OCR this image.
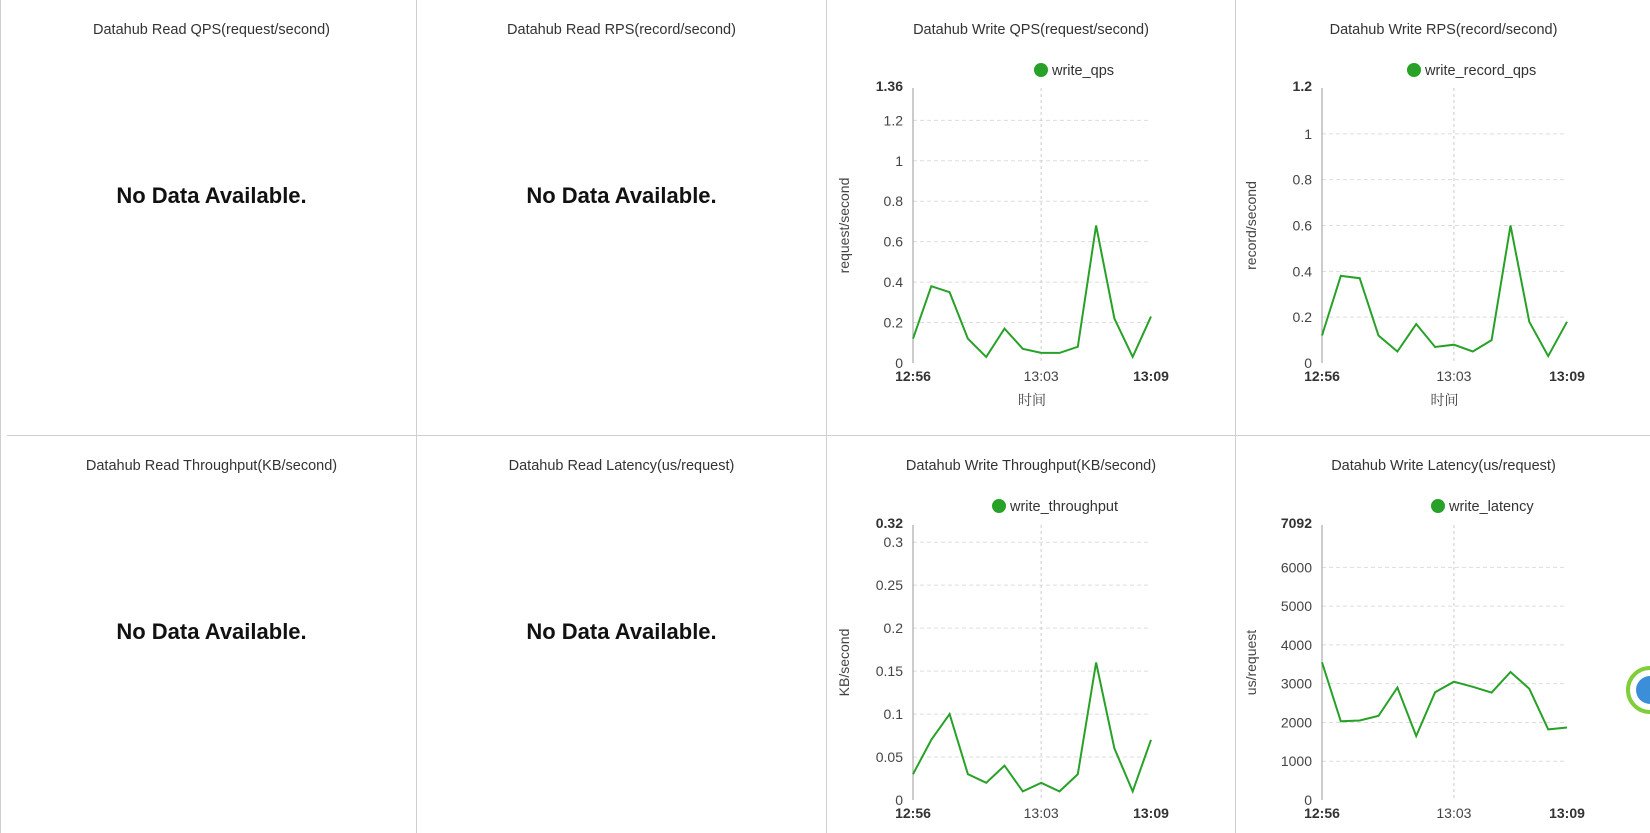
Datahub Read QPS(request/second)
No Data Available.
Datahub Read RPS(record/second)
No Data Available.
Datahub Write QPS(request/second)
0
0.2
0.4
0.6
0.8
1
1.2
1.36
12:56	13:03	13:09
request/second
时间
write_qps
Datahub Write RPS(record/second)
0
0.2
0.4
0.6
0.8
1
1.2
12:56	13:03	13:09
record/second
时间
write_record_qps
Datahub Read Throughput(KB/second)
No Data Available.
Datahub Read Latency(us/request)
No Data Available.
Datahub Write Throughput(KB/second)
0
0.05
0.1
0.15
0.2
0.25
0.3
0.32
12:56	13:03	13:09
KB/second
write_throughput
Datahub Write Latency(us/request)
0
1000
2000
3000
4000
5000
6000
7092
12:56	13:03	13:09
us/request
write_latency
